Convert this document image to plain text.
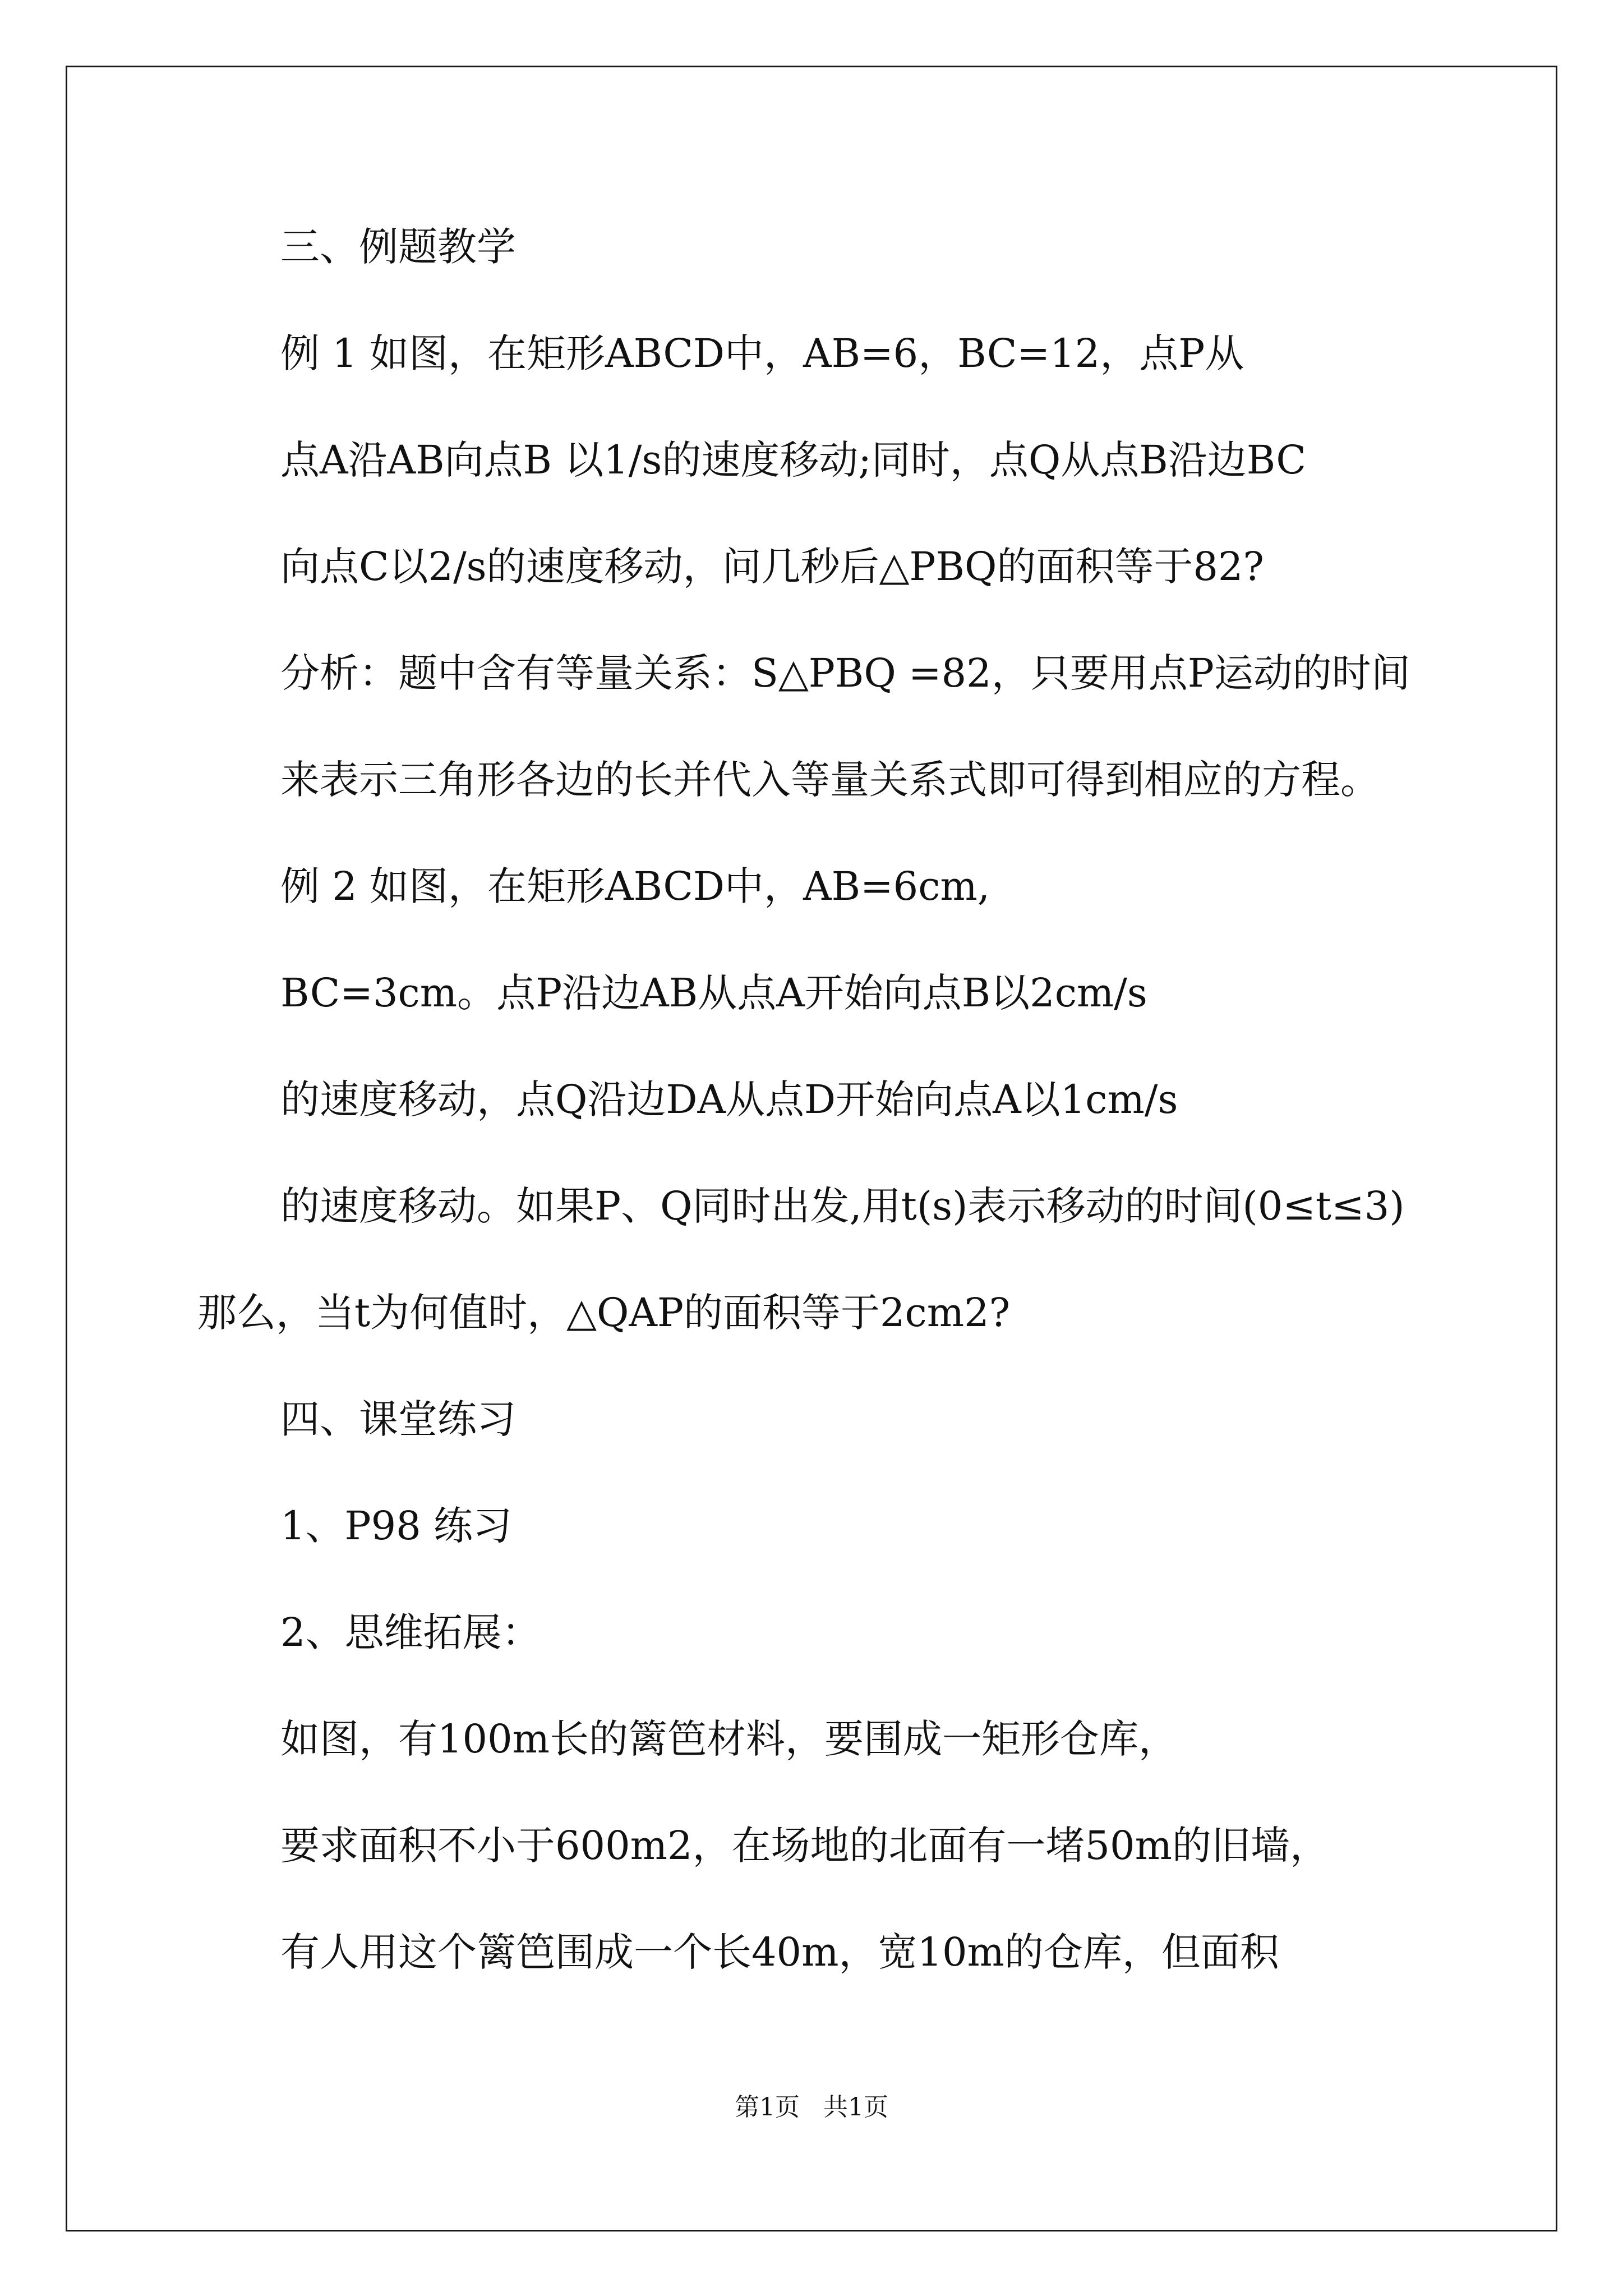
三、例题教学
例 1 如图，在矩形ABCD中，AB=6，BC=12，点P从
点A沿AB向点B 以1/s的速度移动;同时，点Q从点B沿边BC
向点C以2/s的速度移动，问几秒后△PBQ的面积等于82?
分析：题中含有等量关系：S△PBQ =82，只要用点P运动的时间
来表示三角形各边的长并代入等量关系式即可得到相应的方程。
例 2 如图，在矩形ABCD中，AB=6cm,
BC=3cm。点P沿边AB从点A开始向点B以2cm/s
的速度移动，点Q沿边DA从点D开始向点A以1cm/s
的速度移动。如果P、Q同时出发,用t(s)表示移动的时间(0≤t≤3)
那么，当t为何值时，△QAP的面积等于2cm2?
四、课堂练习
1、P98 练习
2、思维拓展：
如图，有100m长的篱笆材料，要围成一矩形仓库，
要求面积不小于600m2，在场地的北面有一堵50m的旧墙，
有人用这个篱笆围成一个长40m，宽10m的仓库，但面积
第1页   共1页
